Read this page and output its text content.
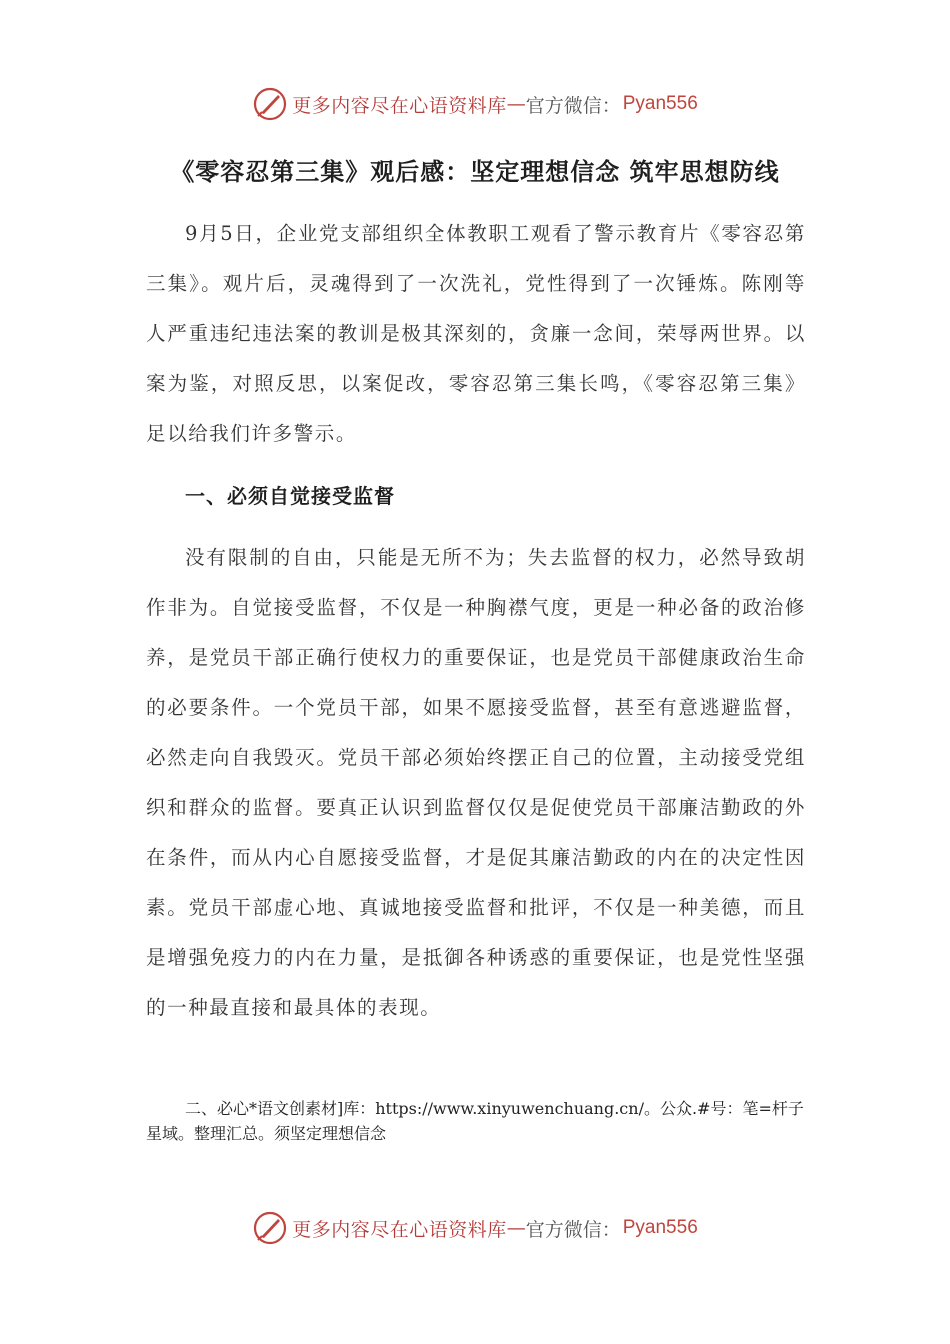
更多内容尽在心语资料库 — 官方微信： Pyan556
《零容忍第三集》观后感：坚定理想信念 筑牢思想防线

9月5日，企业党支部组织全体教职工观看了警示教育片《零容忍第三集》。观片后，灵魂得到了一次洗礼，党性得到了一次锤炼。陈刚等人严重违纪违法案的教训是极其深刻的，贪廉一念间，荣辱两世界。以案为鉴，对照反思，以案促改，零容忍第三集长鸣，《零容忍第三集》足以给我们许多警示。

一、必须自觉接受监督

没有限制的自由，只能是无所不为；失去监督的权力，必然导致胡作非为。自觉接受监督，不仅是一种胸襟气度，更是一种必备的政治修养，是党员干部正确行使权力的重要保证，也是党员干部健康政治生命的必要条件。一个党员干部，如果不愿接受监督，甚至有意逃避监督，必然走向自我毁灭。党员干部必须始终摆正自己的位置，主动接受党组织和群众的监督。要真正认识到监督仅仅是促使党员干部廉洁勤政的外在条件，而从内心自愿接受监督，才是促其廉洁勤政的内在的决定性因素。党员干部虚心地、真诚地接受监督和批评，不仅是一种美德，而且是增强免疫力的内在力量，是抵御各种诱惑的重要保证，也是党性坚强的一种最直接和最具体的表现。

二、必心*语文创素材]库：https://www.xinyuwenchuang.cn/。公众.#号：笔=杆子星域。整理汇总。须坚定理想信念

更多内容尽在心语资料库 — 官方微信： Pyan556
